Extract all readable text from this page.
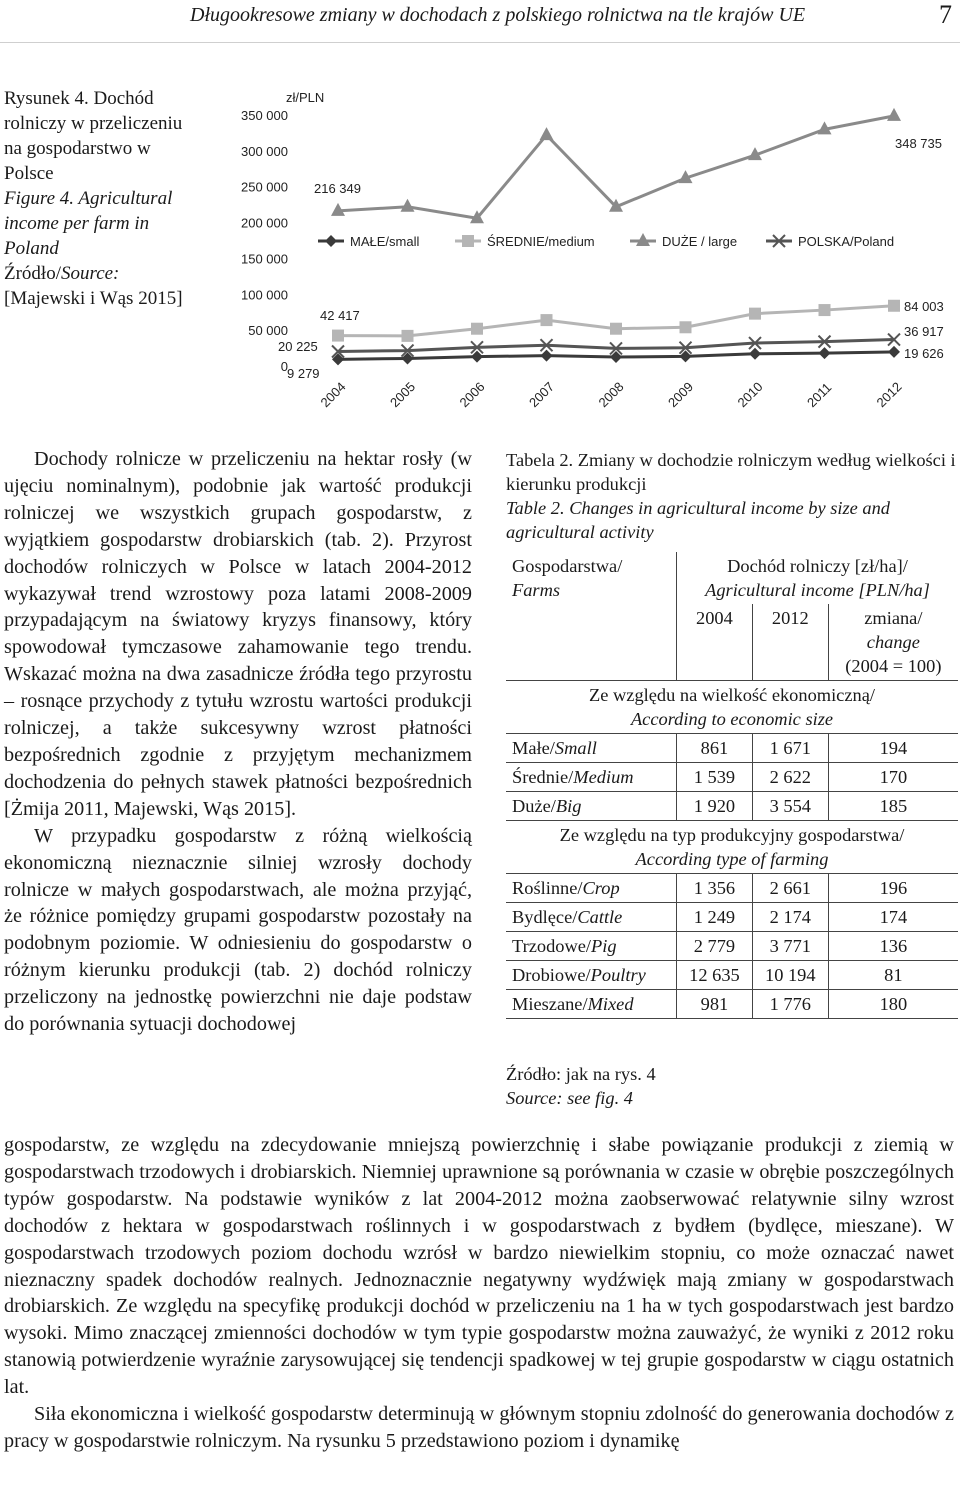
Długookresowe zmiany w dochodach z polskiego rolnictwa na tle krajów UE	7
Rysunek 4. Dochód rolniczy w przeliczeniu na gospodarstwo w Polsce
Figure 4. Agricultural income per farm in Poland
Źródło/Source:
[Majewski i Wąs 2015]
zł/PLN
350 000
300 000
250 000
200 000
150 000
100 000
50 000
0
MAŁE/small	ŚREDNIE/medium	DUŻE / large	POLSKA/Poland
216 349
42 417
20 225
9 279
348 735
84 003
36 917
19 626
2004	2005	2006	2007	2008	2009	2010	2011	2012

Dochody rolnicze w przeliczeniu na hektar rosły (w ujęciu nominalnym), podobnie jak wartość produkcji rolniczej we wszystkich grupach gospodarstw, z wyjątkiem gospodarstw drobiarskich (tab. 2). Przyrost dochodów rolniczych w Polsce w latach 2004-2012 wykazywał trend wzrostowy poza latami 2008-2009 przypadającym na światowy kryzys finansowy, który spowodował tymczasowe zahamowanie tego trendu. Wskazać można na dwa zasadnicze źródła tego przyrostu – rosnące przychody z tytułu wzrostu wartości produkcji rolniczej, a także sukcesywny wzrost płatności bezpośrednich zgodnie z przyjętym mechanizmem dochodzenia do pełnych stawek płatności bezpośrednich [Żmija 2011, Majewski, Wąs 2015].

W przypadku gospodarstw z różną wielkością ekonomiczną nieznacznie silniej wzrosły dochody rolnicze w małych gospodarstwach, ale można przyjąć, że różnice pomiędzy grupami gospodarstw pozostały na podobnym poziomie. W odniesieniu do gospodarstw o różnym kierunku produkcji (tab. 2) dochód rolniczy przeliczony na jednostkę powierzchni nie daje podstaw do porównania sytuacji dochodowej

Tabela 2. Zmiany w dochodzie rolniczym według wielkości i kierunku produkcji
Table 2. Changes in agricultural income by size and agricultural activity
Gospodarstwa/
Farms	Dochód rolniczy [zł/ha]/
Agricultural income [PLN/ha]		
	2004	2012	zmiana/
change
(2004 = 100)
Ze względu na wielkość ekonomiczną/
According to economic size			
Małe/Small	861	1 671	194
Średnie/Medium	1 539	2 622	170
Duże/Big	1 920	3 554	185
Ze względu na typ produkcyjny gospodarstwa/
According type of farming			
Roślinne/Crop	1 356	2 661	196
Bydlęce/Cattle	1 249	2 174	174
Trzodowe/Pig	2 779	3 771	136
Drobiowe/Poultry	12 635	10 194	81
Mieszane/Mixed	981	1 776	180
Źródło: jak na rys. 4
Source: see fig. 4

gospodarstw, ze względu na zdecydowanie mniejszą powierzchnię i słabe powiązanie produkcji z ziemią w gospodarstwach trzodowych i drobiarskich. Niemniej uprawnione są porównania w czasie w obrębie poszczególnych typów gospodarstw. Na podstawie wyników z lat 2004-2012 można zaobserwować relatywnie silny wzrost dochodów z hektara w gospodarstwach roślinnych i w gospodarstwach z bydłem (bydlęce, mieszane). W gospodarstwach trzodowych poziom dochodu wzrósł w bardzo niewielkim stopniu, co może oznaczać nawet nieznaczny spadek dochodów realnych. Jednoznacznie negatywny wydźwięk mają zmiany w gospodarstwach drobiarskich. Ze względu na specyfikę produkcji dochód w przeliczeniu na 1 ha w tych gospodarstwach jest bardzo wysoki. Mimo znaczącej zmienności dochodów w tym typie gospodarstw można zauważyć, że wyniki z 2012 roku stanowią potwierdzenie wyraźnie zarysowującej się tendencji spadkowej w tej grupie gospodarstw w ciągu ostatnich lat.

Siła ekonomiczna i wielkość gospodarstw determinują w głównym stopniu zdolność do generowania dochodów z pracy w gospodarstwie rolniczym. Na rysunku 5 przedstawiono poziom i dynamikę
